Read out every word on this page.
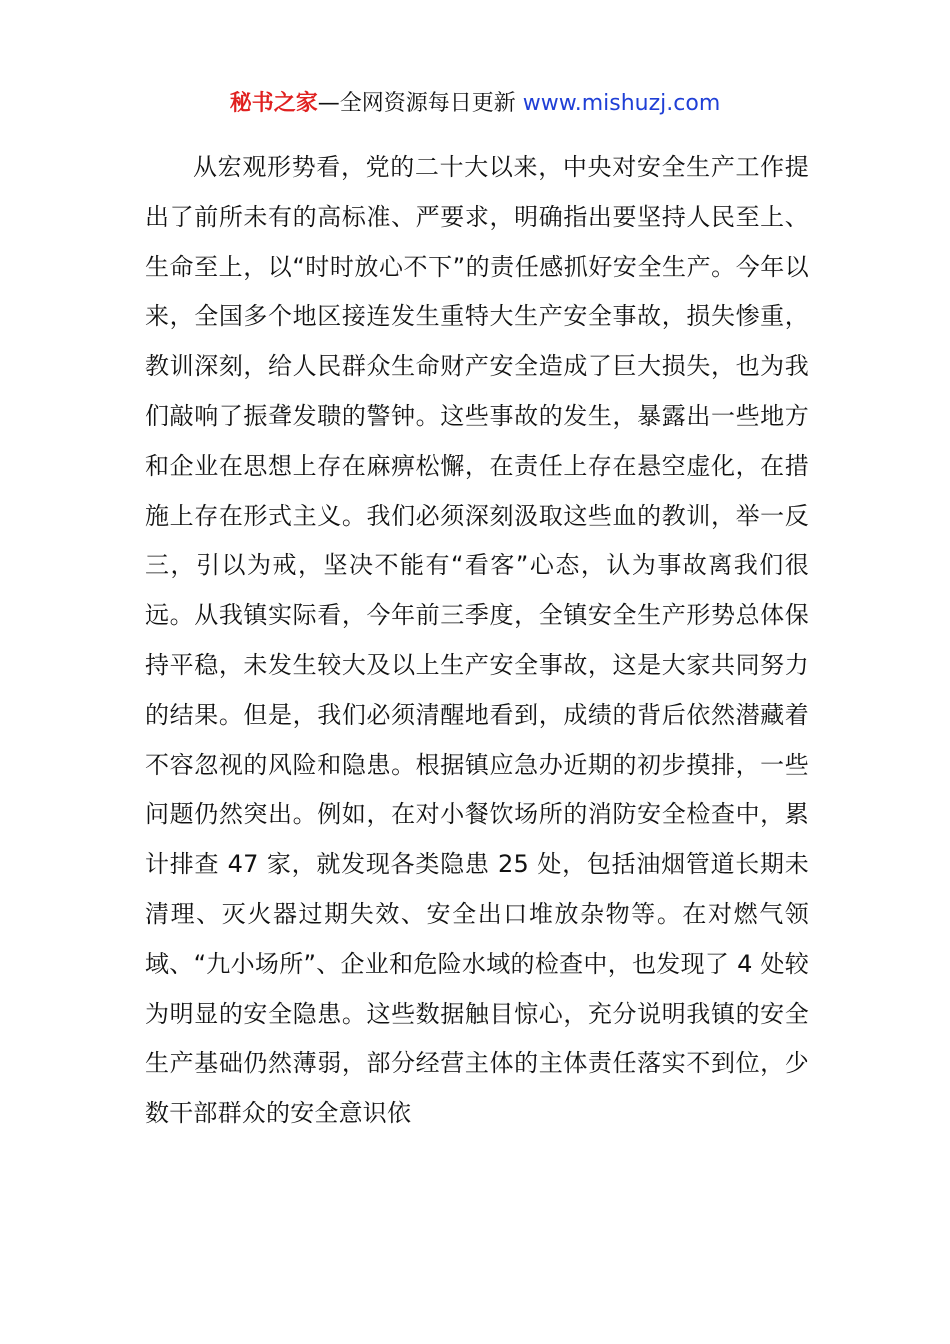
秘书之家—全网资源每日更新 www.mishuzj.com
从宏观形势看，党的二十大以来，中央对安全生产工作提出了前所未有的高标准、严要求，明确指出要坚持人民至上、生命至上，以“时时放心不下”的责任感抓好安全生产。今年以来，全国多个地区接连发生重特大生产安全事故，损失惨重，教训深刻，给人民群众生命财产安全造成了巨大损失，也为我们敲响了振聋发聩的警钟。这些事故的发生，暴露出一些地方和企业在思想上存在麻痹松懈，在责任上存在悬空虚化，在措施上存在形式主义。我们必须深刻汲取这些血的教训，举一反三，引以为戒，坚决不能有“看客”心态，认为事故离我们很远。从我镇实际看，今年前三季度，全镇安全生产形势总体保持平稳，未发生较大及以上生产安全事故，这是大家共同努力的结果。但是，我们必须清醒地看到，成绩的背后依然潜藏着不容忽视的风险和隐患。根据镇应急办近期的初步摸排，一些问题仍然突出。例如，在对小餐饮场所的消防安全检查中，累计排查 47 家，就发现各类隐患 25 处，包括油烟管道长期未清理、灭火器过期失效、安全出口堆放杂物等。在对燃气领域、“九小场所”、企业和危险水域的检查中，也发现了 4 处较为明显的安全隐患。这些数据触目惊心，充分说明我镇的安全生产基础仍然薄弱，部分经营主体的主体责任落实不到位，少数干部群众的安全意识依
